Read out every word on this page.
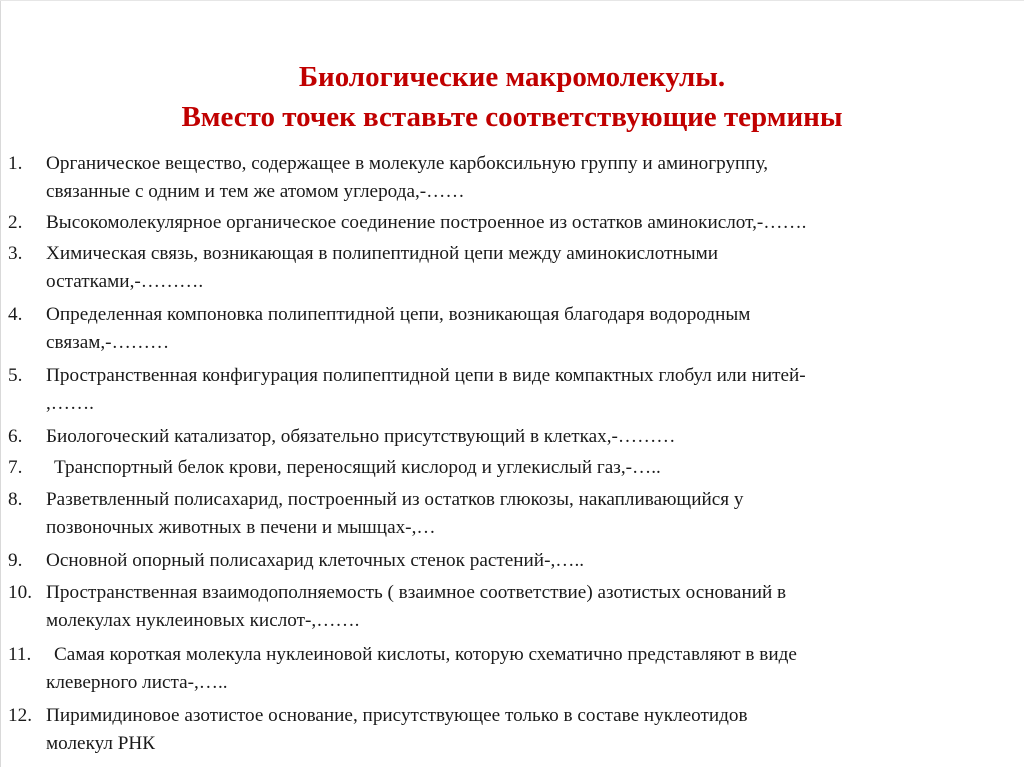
Биологические макромолекулы.
Вместо точек вставьте соответствующие термины
1. Органическое вещество, содержащее в молекуле карбоксильную группу и аминогруппу,
связанные с одним и тем же атомом углерода,-……
2. Высокомолекулярное органическое соединение построенное из остатков аминокислот,-…….
3. Химическая связь, возникающая в полипептидной цепи между аминокислотными
остатками,-……….
4. Определенная компоновка полипептидной цепи, возникающая благодаря водородным
связам,-………
5. Пространственная конфигурация полипептидной цепи в виде компактных глобул или нитей-
,…….
6. Биологоческий катализатор, обязательно присутствующий в клетках,-………
7.	Транспортный белок крови, переносящий кислород и углекислый газ,-…..
8. Разветвленный полисахарид, построенный из остатков глюкозы, накапливающийся у
позвоночных животных в печени и мышцах-,…
9. Основной опорный полисахарид клеточных стенок растений-,…..
10. Пространственная взаимодополняемость ( взаимное соответствие) азотистых оснований в
молекулах нуклеиновых кислот-,…….
11.	Самая короткая молекула нуклеиновой кислоты, которую схематично представляют в виде
клеверного листа-,…..
12. Пиримидиновое азотистое основание, присутствующее только в составе нуклеотидов
молекул РНК
